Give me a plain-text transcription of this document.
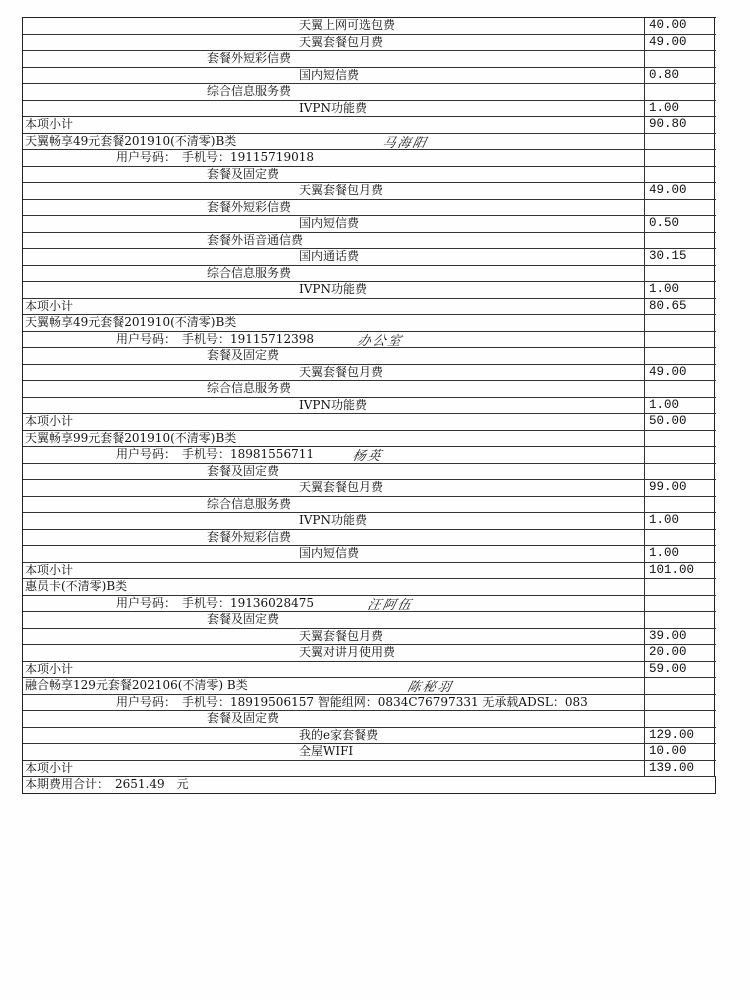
天翼上网可选包费	40.00
天翼套餐包月费	49.00
套餐外短彩信费
国内短信费	0.80
综合信息服务费
IVPN功能费	1.00
本项小计	90.80
天翼畅享49元套餐201910(不清零)B类	马海阳
用户号码：　手机号：19115719018
套餐及固定费
天翼套餐包月费	49.00
套餐外短彩信费
国内短信费	0.50
套餐外语音通信费
国内通话费	30.15
综合信息服务费
IVPN功能费	1.00
本项小计	80.65
天翼畅享49元套餐201910(不清零)B类
用户号码：　手机号：19115712398	办公室
套餐及固定费
天翼套餐包月费	49.00
综合信息服务费
IVPN功能费	1.00
本项小计	50.00
天翼畅享99元套餐201910(不清零)B类
用户号码：　手机号：18981556711	杨英
套餐及固定费
天翼套餐包月费	99.00
综合信息服务费
IVPN功能费	1.00
套餐外短彩信费
国内短信费	1.00
本项小计	101.00
惠员卡(不清零)B类
用户号码：　手机号：19136028475	汪阿伍
套餐及固定费
天翼套餐包月费	39.00
天翼对讲月使用费	20.00
本项小计	59.00
融合畅享129元套餐202106(不清零) B类	陈秘羽
用户号码：　手机号：18919506157 智能组网：0834C76797331 无承载ADSL：083
套餐及固定费
我的e家套餐费	129.00
全屋WIFI	10.00
本项小计	139.00
本期费用合计：　2651.49　元
